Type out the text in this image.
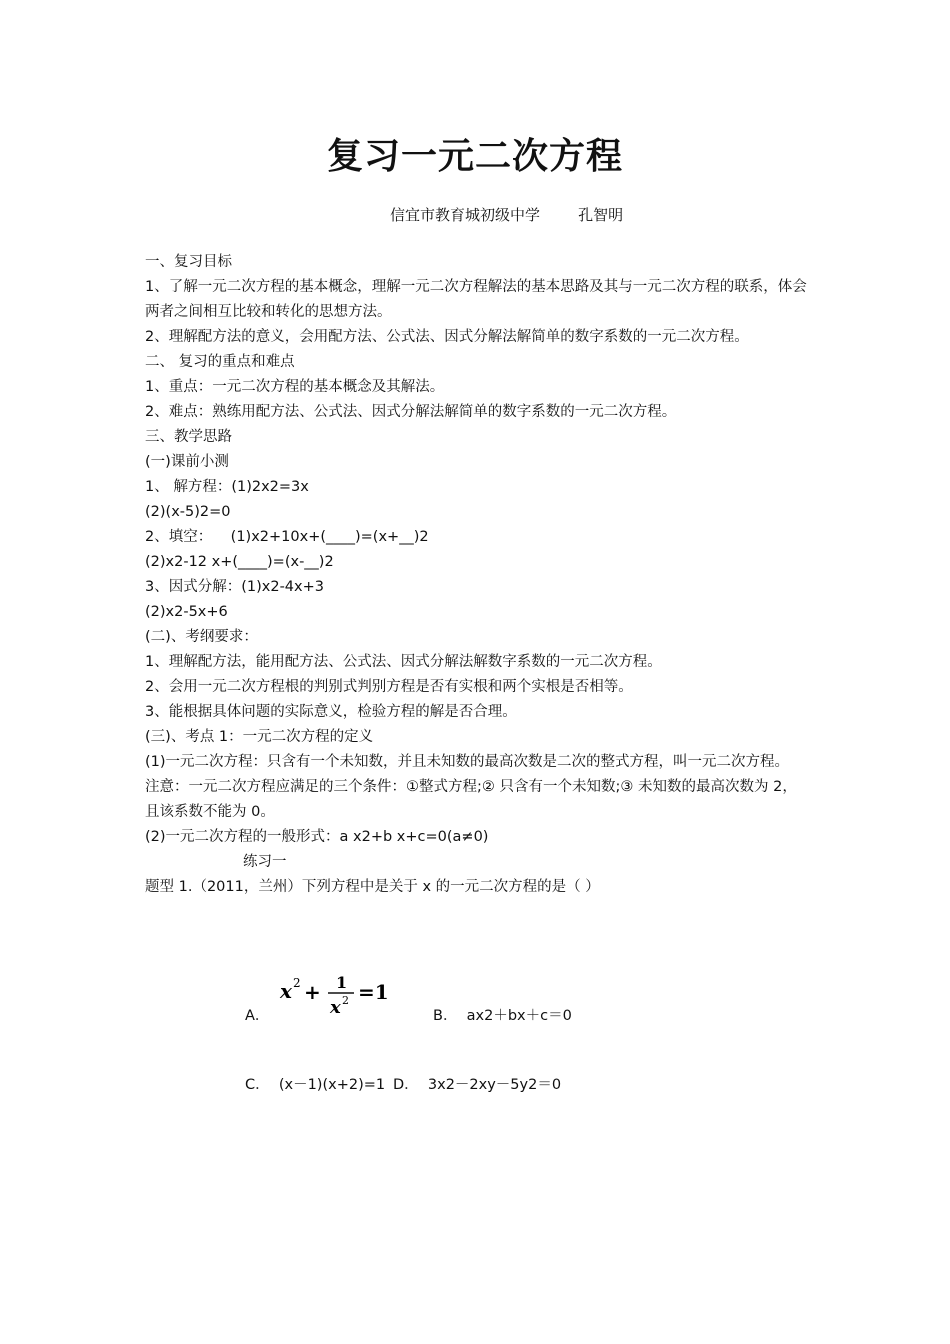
复习一元二次方程
信宜市教育城初级中学        孔智明

一、复习目标

1、了解一元二次方程的基本概念，理解一元二次方程解法的基本思路及其与一元二次方程的联系，体会两者之间相互比较和转化的思想方法。

2、理解配方法的意义，会用配方法、公式法、因式分解法解简单的数字系数的一元二次方程。

二、 复习的重点和难点

1、重点：一元二次方程的基本概念及其解法。

2、难点：熟练用配方法、公式法、因式分解法解简单的数字系数的一元二次方程。

三、教学思路

(一)课前小测

1、 解方程：(1)2x2=3x

(2)(x-5)2=0

2、填空：    (1)x2+10x+(____)=(x+__)2

(2)x2-12 x+(____)=(x-__)2

3、因式分解：(1)x2-4x+3

(2)x2-5x+6

(二)、考纲要求：

1、理解配方法，能用配方法、公式法、因式分解法解数字系数的一元二次方程。

2、会用一元二次方程根的判别式判别方程是否有实根和两个实根是否相等。

3、能根据具体问题的实际意义，检验方程的解是否合理。

(三)、考点 1：一元二次方程的定义

(1)一元二次方程：只含有一个未知数，并且未知数的最高次数是二次的整式方程，叫一元二次方程。

注意：一元二次方程应满足的三个条件：①整式方程;② 只含有一个未知数;③ 未知数的最高次数为 2，且该系数不能为 0。

(2)一元二次方程的一般形式：a x2+b x+c=0(a≠0)

练习一

题型 1.（2011，兰州）下列方程中是关于 x 的一元二次方程的是（ ）

x 2 + 1
x 2 =1
A．	B．  ax2＋bx＋c＝0
C．  (x－1)(x+2)=1 D．  3x2－2xy－5y2＝0
